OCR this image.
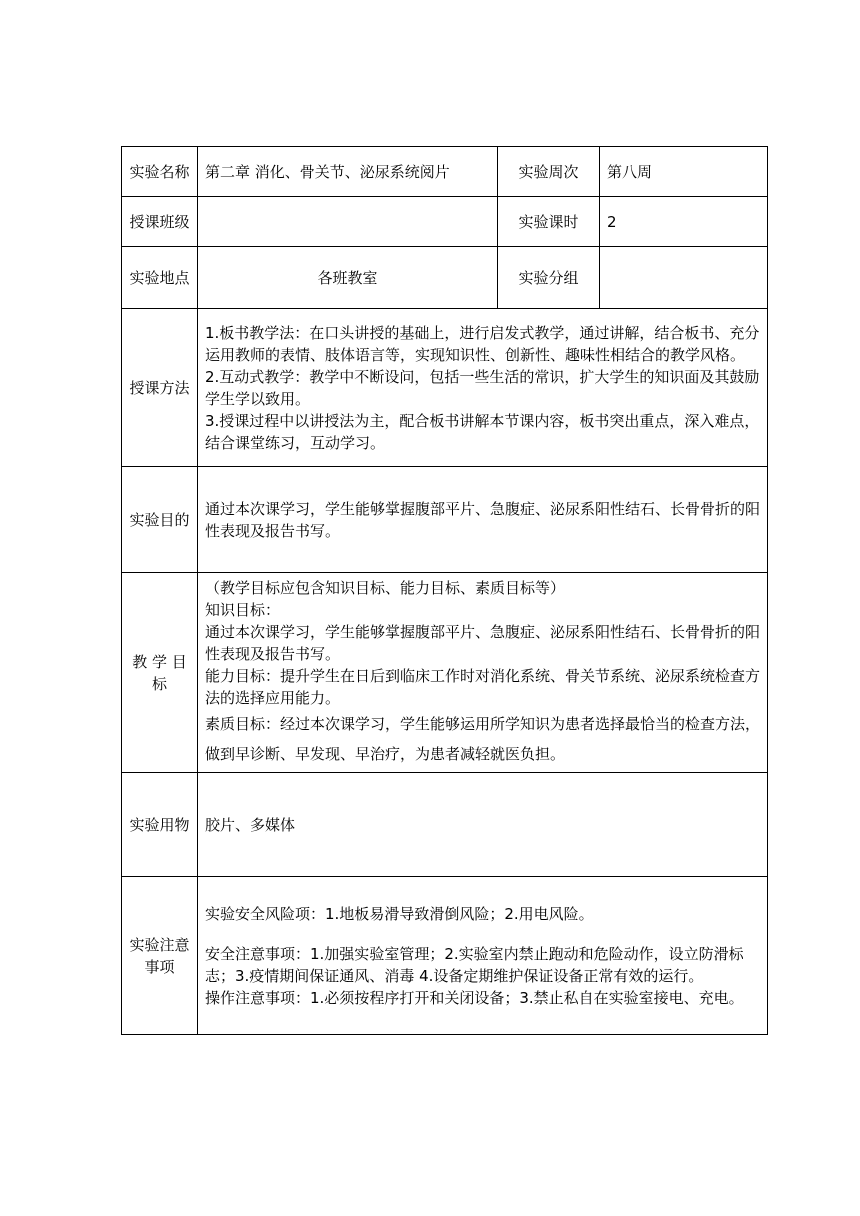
实验名称	第二章 消化、骨关节、泌尿系统阅片	实验周次	第八周
授课班级		实验课时	2
实验地点	各班教室	实验分组	
授课方法	1.板书教学法：在口头讲授的基础上，进行启发式教学，通过讲解，结合板书、充分运用教师的表情、肢体语言等，实现知识性、创新性、趣味性相结合的教学风格。
2.互动式教学：教学中不断设问，包括一些生活的常识，扩大学生的知识面及其鼓励学生学以致用。
3.授课过程中以讲授法为主，配合板书讲解本节课内容，板书突出重点，深入难点，结合课堂练习，互动学习。		

实验目的	通过本次课学习，学生能够掌握腹部平片、急腹症、泌尿系阳性结石、长骨骨折的阳性表现及报告书写。		
教 学 目 标	（教学目标应包含知识目标、能力目标、素质目标等）
知识目标：
通过本次课学习，学生能够掌握腹部平片、急腹症、泌尿系阳性结石、长骨骨折的阳性表现及报告书写。
能力目标：提升学生在日后到临床工作时对消化系统、骨关节系统、泌尿系统检查方法的选择应用能力。
素质目标：经过本次课学习，学生能够运用所学知识为患者选择最恰当的检查方法，做到早诊断、早发现、早治疗，为患者减轻就医负担。		

实验用物	胶片、多媒体		
实验注意事项	实验安全风险项：1.地板易滑导致滑倒风险；2.用电风险。
安全注意事项：1.加强实验室管理；2.实验室内禁止跑动和危险动作，设立防滑标志；3.疫情期间保证通风、消毒 4.设备定期维护保证设备正常有效的运行。
操作注意事项：1.必须按程序打开和关闭设备；3.禁止私自在实验室接电、充电。		
